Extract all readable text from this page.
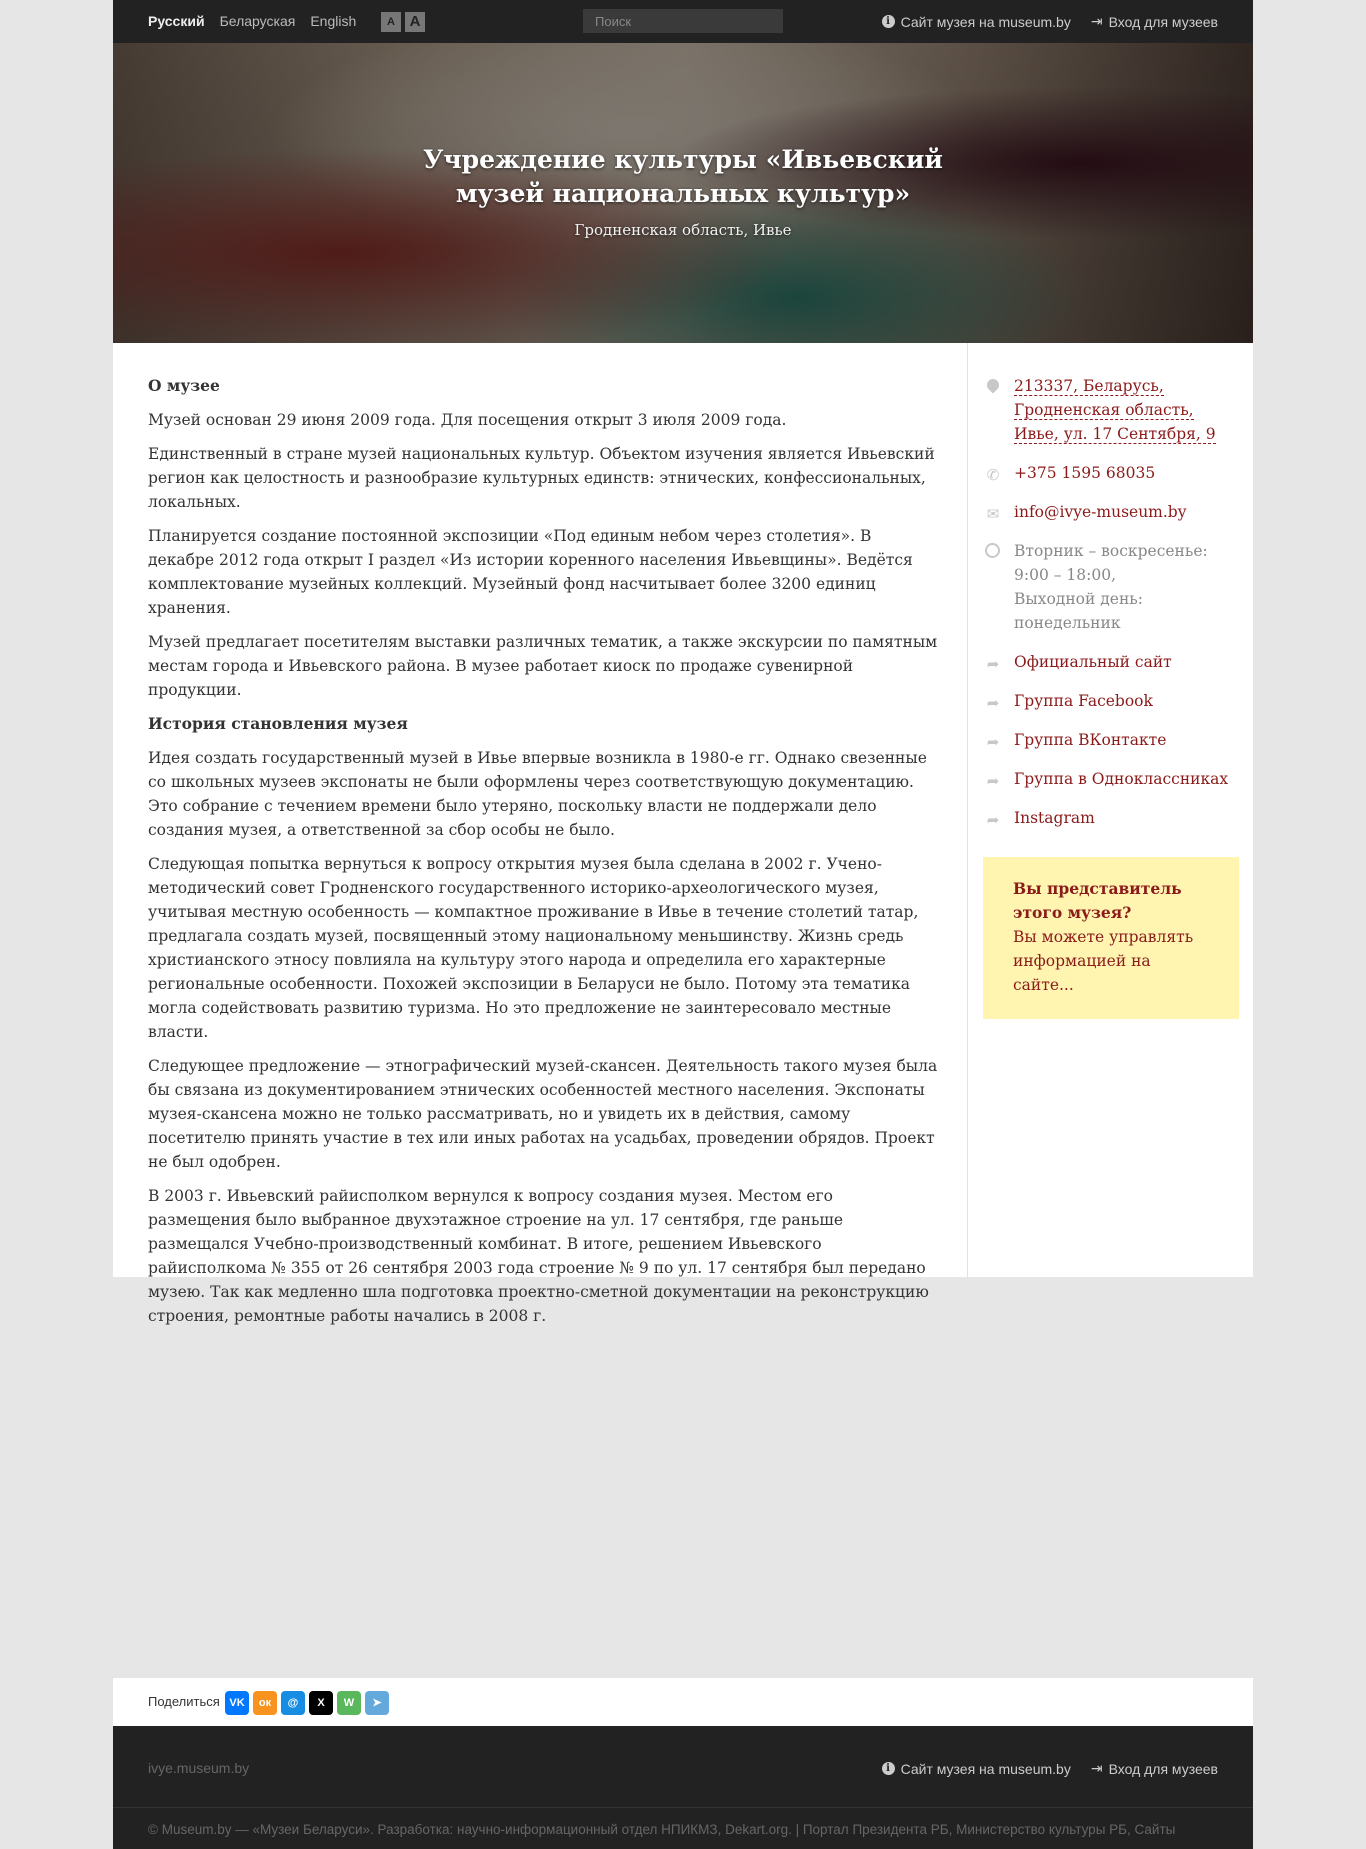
Русский Беларуская English	A A
Поиск	i Сайт музея на museum.by ⇥ Вход для музеев
Учреждение культуры «Ивьевский музей национальных культур»
Гродненская область, Ивье
О музее

Музей основан 29 июня 2009 года. Для посещения открыт 3 июля 2009 года.

Единственный в стране музей национальных культур. Объектом изучения является Ивьевский регион как целостность и разнообразие культурных единств: этнических, конфессиональных, локальных.

Планируется создание постоянной экспозиции «Под единым небом через столетия». В декабре 2012 года открыт I раздел «Из истории коренного населения Ивьевщины». Ведётся комплектование музейных коллекций. Музейный фонд насчитывает более 3200 единиц хранения.

Музей предлагает посетителям выставки различных тематик, а также экскурсии по памятным местам города и Ивьевского района. В музее работает киоск по продаже сувенирной продукции.

История становления музея

Идея создать государственный музей в Ивье впервые возникла в 1980-е гг. Однако свезенные со школьных музеев экспонаты не были оформлены через соответствующую документацию. Это собрание с течением времени было утеряно, поскольку власти не поддержали дело создания музея, а ответственной за сбор особы не было.

Следующая попытка вернуться к вопросу открытия музея была сделана в 2002 г. Учено-методический совет Гродненского государственного историко-археологического музея, учитывая местную особенность — компактное проживание в Ивье в течение столетий татар, предлагала создать музей, посвященный этому национальному меньшинству. Жизнь средь христианского этносу повлияла на культуру этого народа и определила его характерные региональные особенности. Похожей экспозиции в Беларуси не было. Потому эта тематика могла содействовать развитию туризма. Но это предложение не заинтересовало местные власти.

Следующее предложение — этнографический музей-скансен. Деятельность такого музея была бы связана из документированием этнических особенностей местного населения. Экспонаты музея-скансена можно не только рассматривать, но и увидеть их в действия, самому посетителю принять участие в тех или иных работах на усадьбах, проведении обрядов. Проект не был одобрен.

В 2003 г. Ивьевский райисполком вернулся к вопросу создания музея. Местом его размещения было выбранное двухэтажное строение на ул. 17 сентября, где раньше размещался Учебно-производственный комбинат. В итоге, решением Ивьевского райисполкома № 355 от 26 сентября 2003 года строение № 9 по ул. 17 сентября был передано музею. Так как медленно шла подготовка проектно-сметной документации на реконструкцию строения, ремонтные работы начались в 2008 г.

213337, Беларусь, Гродненская область, Ивье, ул. 17 Сентября, 9
✆ +375 1595 68035
✉ info@ivye-museum.by
Вторник – воскресенье: 9:00 – 18:00,
Выходной день: понедельник
➦ Официальный сайт
➦ Группа Facebook
➦ Группа ВКонтакте
➦ Группа в Одноклассниках
➦ Instagram
Вы представитель этого музея?
Вы можете управлять информацией на сайте...
Поделиться VK	ок	@	X	W	➤
ivye.museum.by	i Сайт музея на museum.by ⇥ Вход для музеев
© Museum.by — «Музеи Беларуси». Разработка: научно-информационный отдел НПИКМЗ, Dekart.org. | Портал Президента РБ, Министерство культуры РБ, Сайты
